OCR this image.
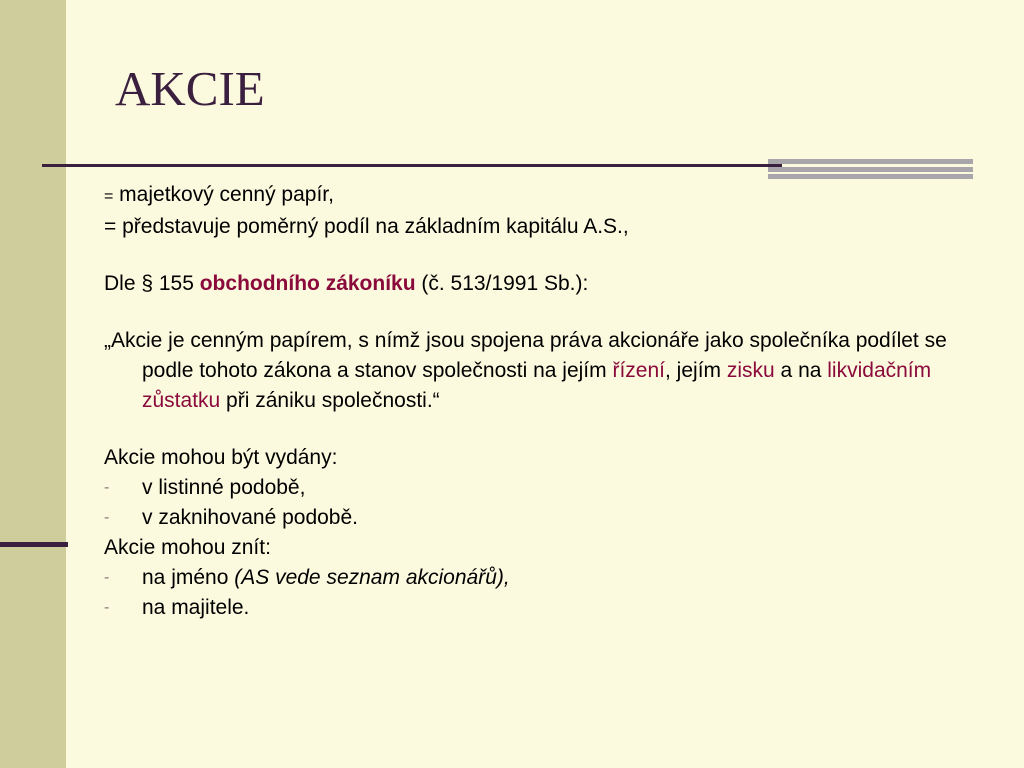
AKCIE

= majetkový cenný papír,

= představuje poměrný podíl na základním kapitálu A.S.,

Dle § 155 obchodního zákoníku (č. 513/1991 Sb.):

„Akcie je cenným papírem, s nímž jsou spojena práva akcionáře jako společníka podílet se podle tohoto zákona a stanov společnosti na jejím řízení, jejím zisku a na likvidačním zůstatku při zániku společnosti.“

Akcie mohou být vydány:

- v listinné podobě,

- v zaknihované podobě.

Akcie mohou znít:

- na jméno (AS vede seznam akcionářů),

- na majitele.
